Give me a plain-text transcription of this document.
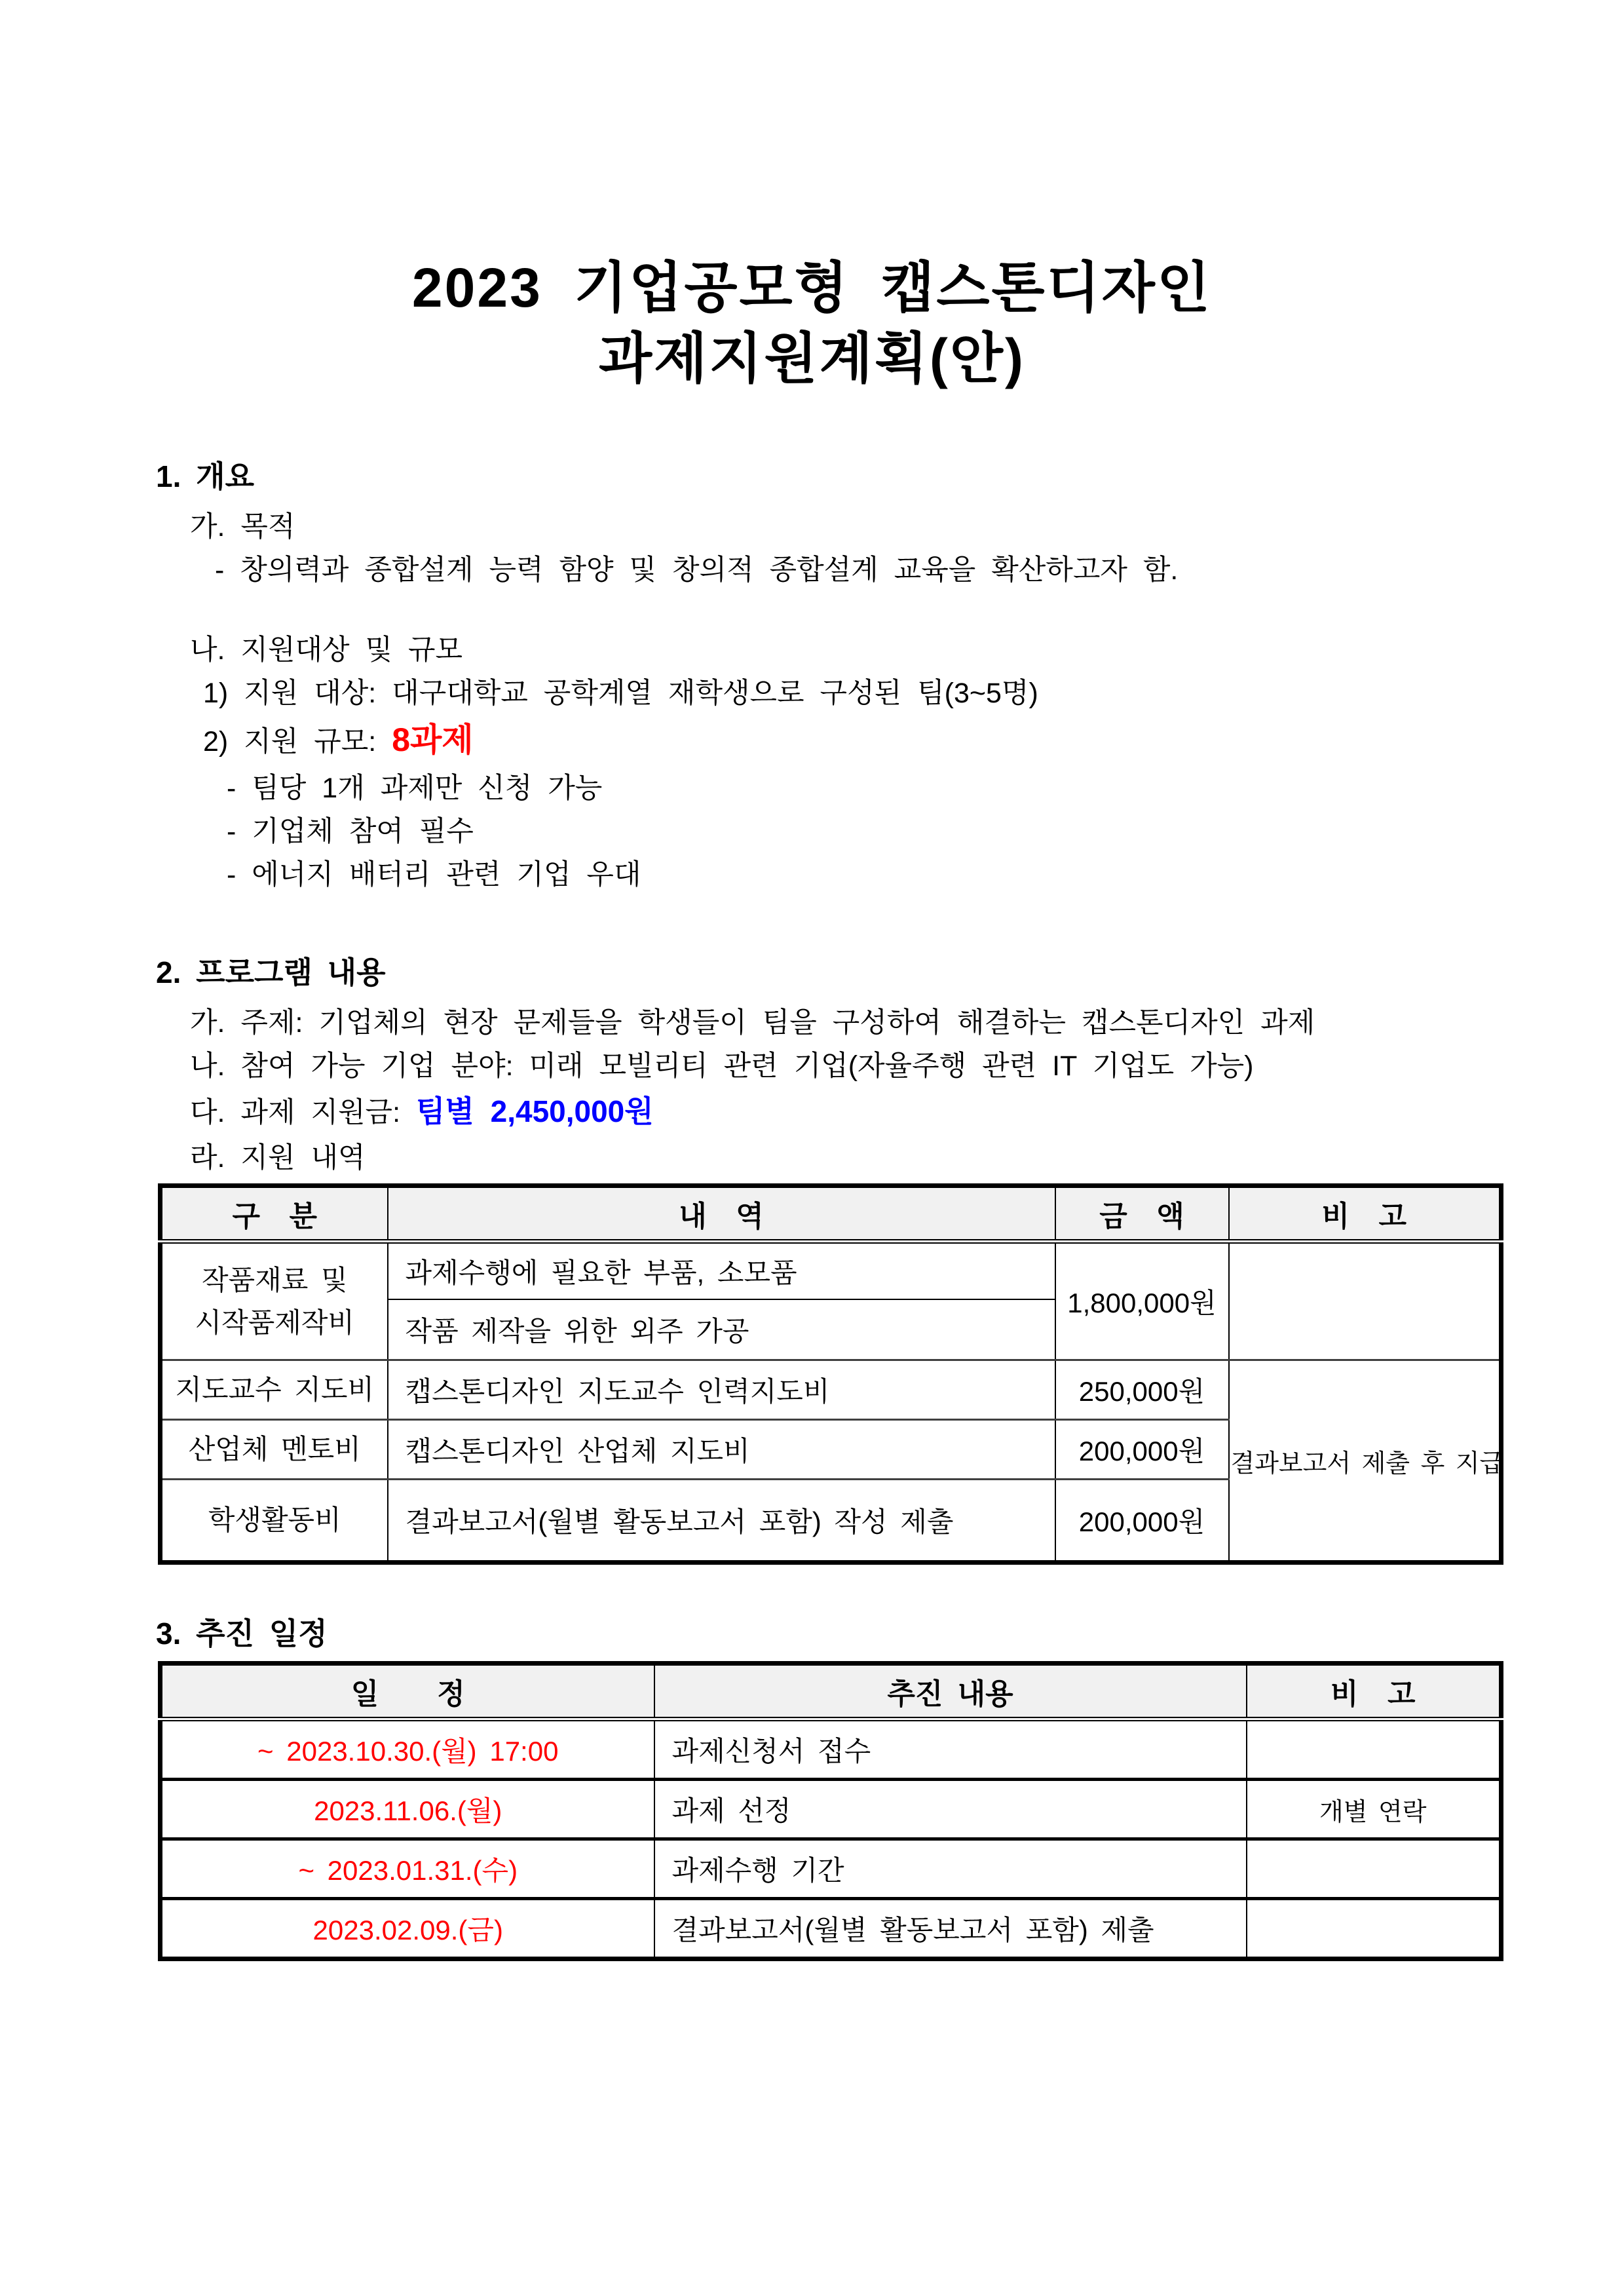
2023 기업공모형 캡스톤디자인
과제지원계획(안)
1. 개요

가. 목적

- 창의력과 종합설계 능력 함양 및 창의적 종합설계 교육을 확산하고자 함.

나. 지원대상 및 규모

1) 지원 대상: 대구대학교 공학계열 재학생으로 구성된 팀(3~5명)

2) 지원 규모: 8과제

- 팀당 1개 과제만 신청 가능

- 기업체 참여 필수

- 에너지 배터리 관련 기업 우대

2. 프로그램 내용

가. 주제: 기업체의 현장 문제들을 학생들이 팀을 구성하여 해결하는 캡스톤디자인 과제

나. 참여 가능 기업 분야: 미래 모빌리티 관련 기업(자율주행 관련 IT 기업도 가능)

다. 과제 지원금: 팀별 2,450,000원

라. 지원 내역

구  분	내  역	금  액	비  고

작품재료 및
시작품제작비	과제수행에 필요한 부품, 소모품	1,800,000원	
	작품 제작을 위한 외주 가공		
지도교수 지도비	캡스톤디자인 지도교수 인력지도비	250,000원	결과보고서 제출 후 지급
산업체 멘토비	캡스톤디자인 산업체 지도비	200,000원	
학생활동비	결과보고서(월별 활동보고서 포함) 작성 제출	200,000원	
3. 추진 일정
일    정	추진 내용	비  고
~ 2023.10.30.(월) 17:00	과제신청서 접수	
2023.11.06.(월)	과제 선정	개별 연락
~ 2023.01.31.(수)	과제수행 기간	
2023.02.09.(금)	결과보고서(월별 활동보고서 포함) 제출	
